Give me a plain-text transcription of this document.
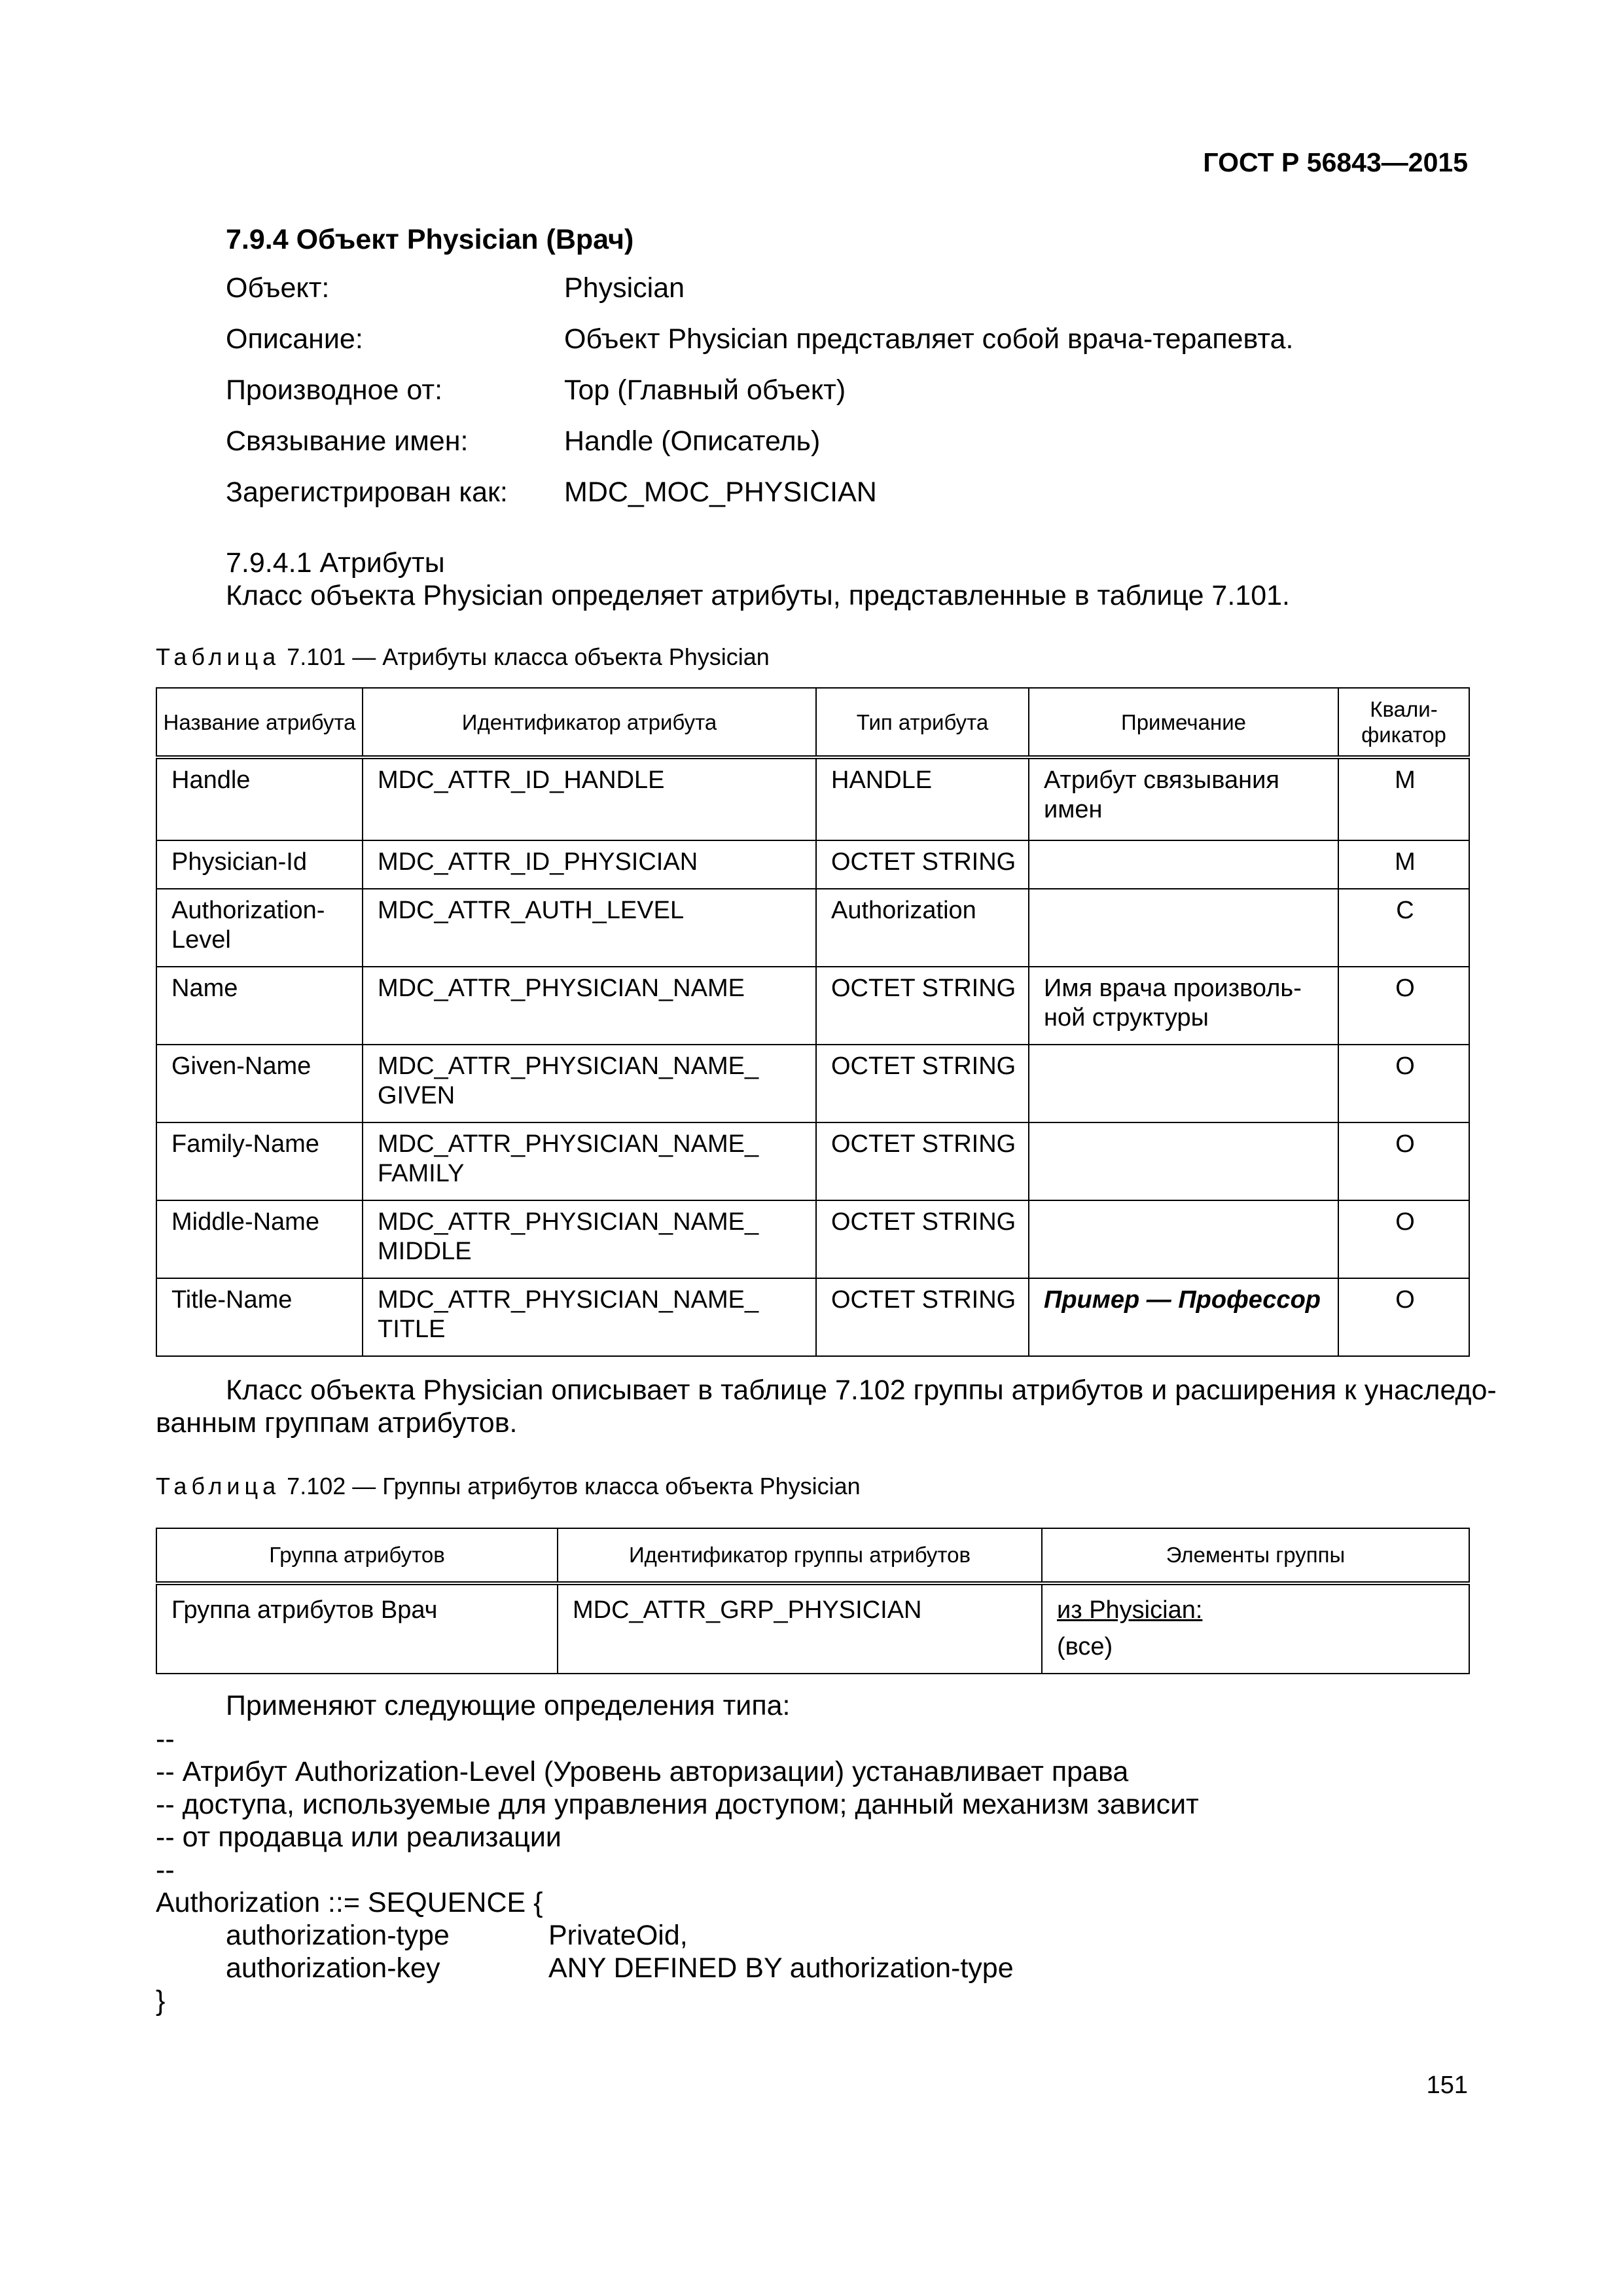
ГОСТ Р 56843—2015
7.9.4 Объект Physician (Врач)
Объект:	Physician
Описание:	Объект Physician представляет собой врача-терапевта.
Производное от:	Top (Главный объект)
Связывание имен:	Handle (Описатель)
Зарегистрирован как: MDC_MOC_PHYSICIAN
7.9.4.1 Атрибуты
Класс объекта Physician определяет атрибуты, представленные в таблице 7.101.
Таблица 7.101 — Атрибуты класса объекта Physician
Название атрибута	Идентификатор атрибута	Тип атрибута	Примечание	Квали-фикатор
Handle	MDC_ATTR_ID_HANDLE	HANDLE	Атрибут связывания имен	M
Physician-Id	MDC_ATTR_ID_PHYSICIAN	OCTET STRING		M
Authorization-Level	MDC_ATTR_AUTH_LEVEL	Authorization		C
Name	MDC_ATTR_PHYSICIAN_NAME	OCTET STRING	Имя врача произволь-ной структуры	O
Given-Name	MDC_ATTR_PHYSICIAN_NAME_ GIVEN	OCTET STRING		O
Family-Name	MDC_ATTR_PHYSICIAN_NAME_ FAMILY	OCTET STRING		O
Middle-Name	MDC_ATTR_PHYSICIAN_NAME_ MIDDLE	OCTET STRING		O
Title-Name	MDC_ATTR_PHYSICIAN_NAME_ TITLE	OCTET STRING	Пример — Профессор	O
Класс объекта Physician описывает в таблице 7.102 группы атрибутов и расширения к унаследо-
ванным группам атрибутов.
Таблица 7.102 — Группы атрибутов класса объекта Physician
Группа атрибутов	Идентификатор группы атрибутов	Элементы группы
Группа атрибутов Врач	MDC_ATTR_GRP_PHYSICIAN	из Physician:
(все)
Применяют следующие определения типа:
--
-- Атрибут Authorization-Level (Уровень авторизации) устанавливает права
-- доступа, используемые для управления доступом; данный механизм зависит
-- от продавца или реализации
--
Authorization ::= SEQUENCE {
authorization-type	PrivateOid,
authorization-key	ANY DEFINED BY authorization-type
}
151
